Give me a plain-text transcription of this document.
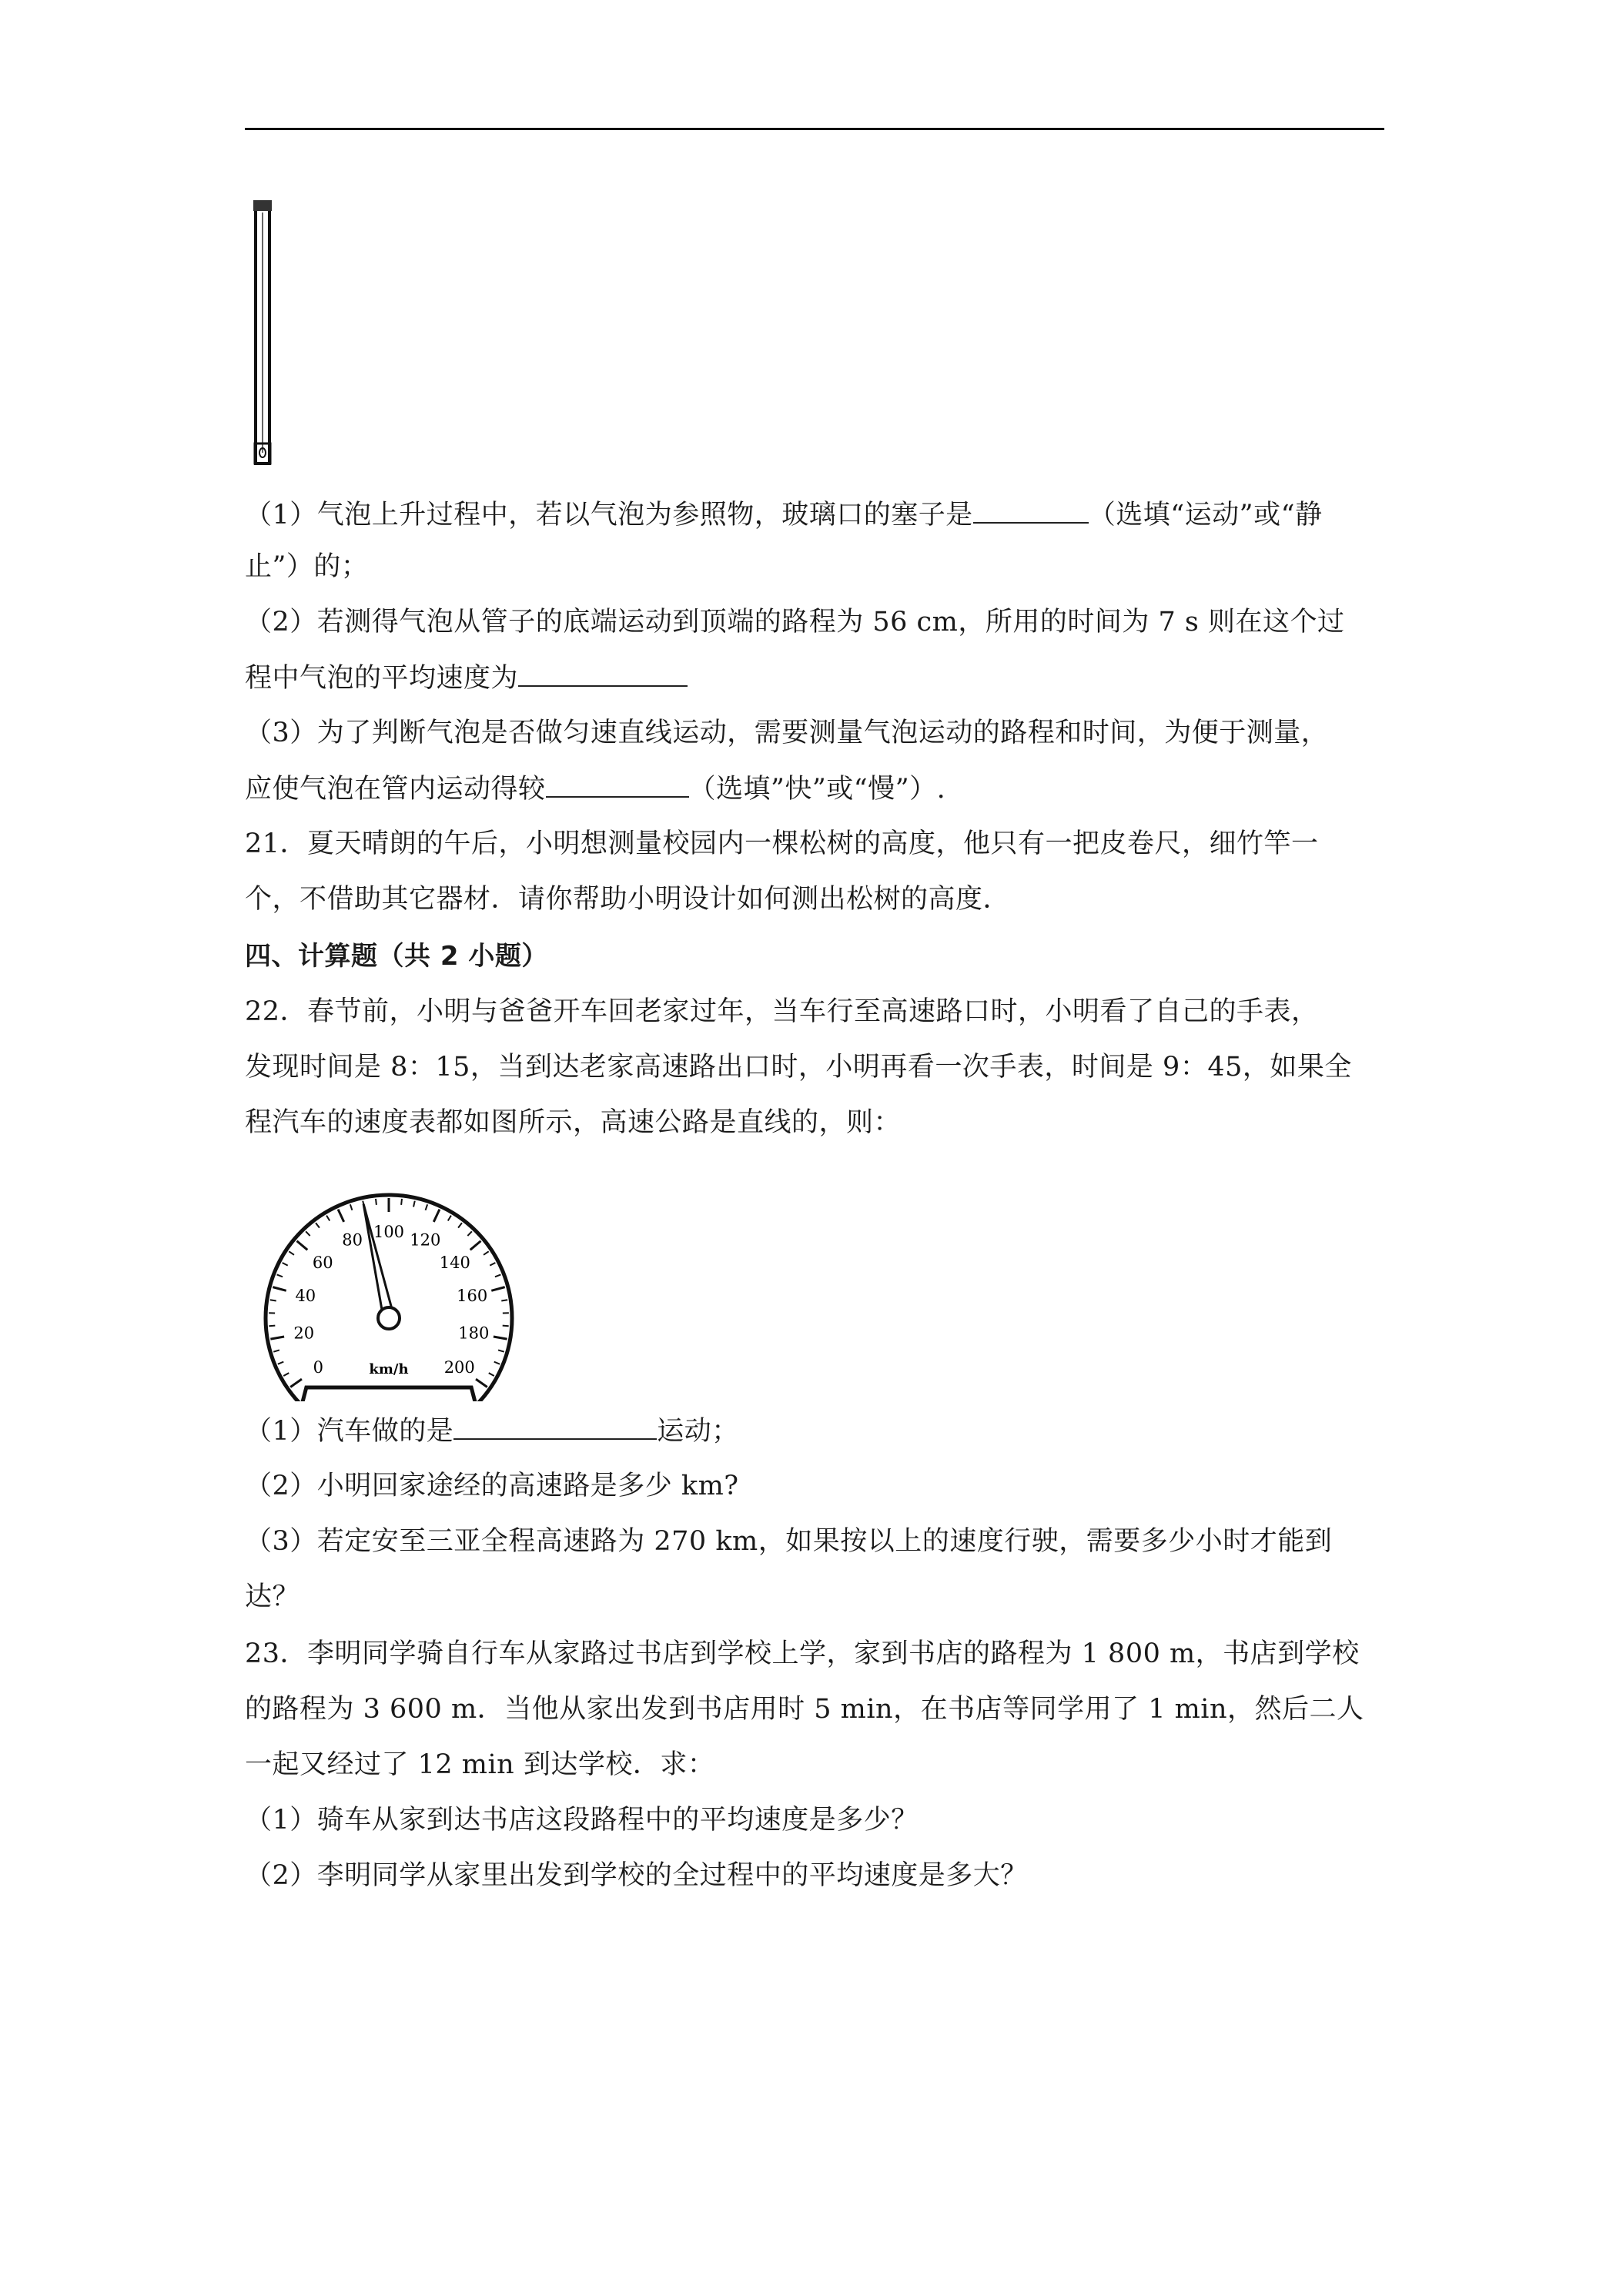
（1）气泡上升过程中，若以气泡为参照物，玻璃口的塞子是	（选填“运动”或“静
止”）的；
（2）若测得气泡从管子的底端运动到顶端的路程为 56 cm，所用的时间为 7 s 则在这个过
程中气泡的平均速度为
（3）为了判断气泡是否做匀速直线运动，需要测量气泡运动的路程和时间，为便于测量，
应使气泡在管内运动得较	（选填”快”或“慢”）.
21．夏天晴朗的午后，小明想测量校园内一棵松树的高度，他只有一把皮卷尺，细竹竿一
个，不借助其它器材．请你帮助小明设计如何测出松树的高度．
四、计算题（共 2 小题）
22．春节前，小明与爸爸开车回老家过年，当车行至高速路口时，小明看了自己的手表，
发现时间是 8：15，当到达老家高速路出口时，小明再看一次手表，时间是 9：45，如果全
程汽车的速度表都如图所示，高速公路是直线的，则：
0
20
40
60
80 100 120
140
160
180
200
km/h
（1）汽车做的是	运动；
（2）小明回家途经的高速路是多少 km?
（3）若定安至三亚全程高速路为 270 km，如果按以上的速度行驶，需要多少小时才能到
达？
23．李明同学骑自行车从家路过书店到学校上学，家到书店的路程为 1 800 m，书店到学校
的路程为 3 600 m．当他从家出发到书店用时 5 min，在书店等同学用了 1 min，然后二人
一起又经过了 12 min 到达学校．求：
（1）骑车从家到达书店这段路程中的平均速度是多少？
（2）李明同学从家里出发到学校的全过程中的平均速度是多大？
